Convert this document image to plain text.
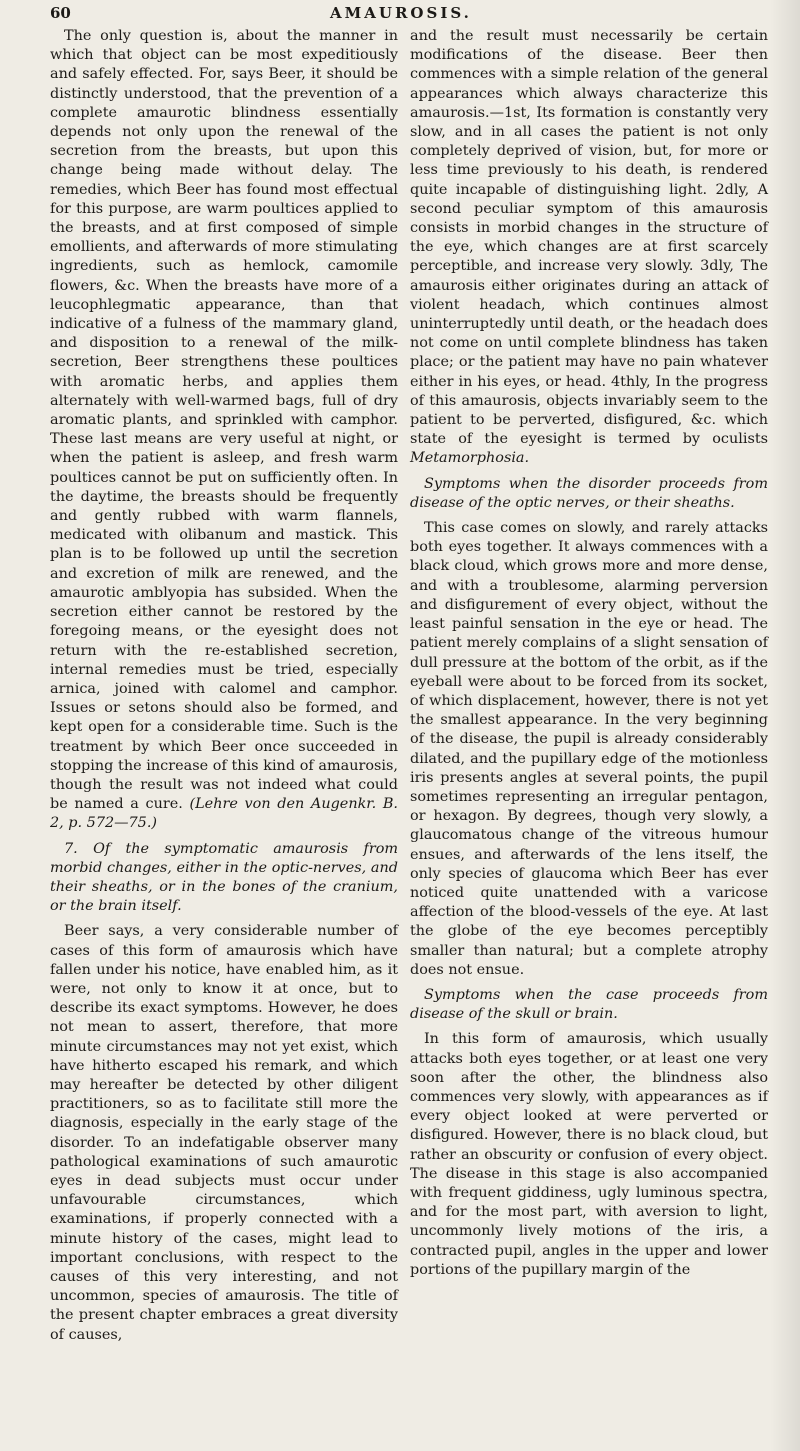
60	AMAUROSIS.

The only question is, about the manner in which that object can be most expeditiously and safely effected. For, says Beer, it should be distinctly understood, that the prevention of a complete amaurotic blindness essentially depends not only upon the renewal of the secretion from the breasts, but upon this change being made without delay. The remedies, which Beer has found most effectual for this purpose, are warm poultices applied to the breasts, and at first composed of simple emollients, and afterwards of more stimulating ingredients, such as hemlock, camomile flowers, &c. When the breasts have more of a leucophlegmatic appearance, than that indicative of a fulness of the mammary gland, and disposition to a renewal of the milk-secretion, Beer strengthens these poultices with aromatic herbs, and applies them alternately with well-warmed bags, full of dry aromatic plants, and sprinkled with camphor. These last means are very useful at night, or when the patient is asleep, and fresh warm poultices cannot be put on sufficiently often. In the daytime, the breasts should be frequently and gently rubbed with warm flannels, medicated with olibanum and mastick. This plan is to be followed up until the secretion and excretion of milk are renewed, and the amaurotic amblyopia has subsided. When the secretion either cannot be restored by the foregoing means, or the eyesight does not return with the re-established secretion, internal remedies must be tried, especially arnica, joined with calomel and camphor. Issues or setons should also be formed, and kept open for a considerable time. Such is the treatment by which Beer once succeeded in stopping the increase of this kind of amaurosis, though the result was not indeed what could be named a cure. (Lehre von den Augenkr. B. 2, p. 572—75.)

7. Of the symptomatic amaurosis from morbid changes, either in the optic-nerves, and their sheaths, or in the bones of the cranium, or the brain itself.

Beer says, a very considerable number of cases of this form of amaurosis which have fallen under his notice, have enabled him, as it were, not only to know it at once, but to describe its exact symptoms. However, he does not mean to assert, therefore, that more minute circumstances may not yet exist, which have hitherto escaped his remark, and which may hereafter be detected by other diligent practitioners, so as to facilitate still more the diagnosis, especially in the early stage of the disorder. To an indefatigable observer many pathological examinations of such amaurotic eyes in dead subjects must occur under unfavourable circumstances, which examinations, if properly connected with a minute history of the cases, might lead to important conclusions, with respect to the causes of this very interesting, and not uncommon, species of amaurosis. The title of the present chapter embraces a great diversity of causes,

and the result must necessarily be certain modifications of the disease. Beer then commences with a simple relation of the general appearances which always characterize this amaurosis.—1st, Its formation is constantly very slow, and in all cases the patient is not only completely deprived of vision, but, for more or less time previously to his death, is rendered quite incapable of distinguishing light. 2dly, A second peculiar symptom of this amaurosis consists in morbid changes in the structure of the eye, which changes are at first scarcely perceptible, and increase very slowly. 3dly, The amaurosis either originates during an attack of violent headach, which continues almost uninterruptedly until death, or the headach does not come on until complete blindness has taken place; or the patient may have no pain whatever either in his eyes, or head. 4thly, In the progress of this amaurosis, objects invariably seem to the patient to be perverted, disfigured, &c. which state of the eyesight is termed by oculists Metamorphosia.

Symptoms when the disorder proceeds from disease of the optic nerves, or their sheaths.

This case comes on slowly, and rarely attacks both eyes together. It always commences with a black cloud, which grows more and more dense, and with a troublesome, alarming perversion and disfigurement of every object, without the least painful sensation in the eye or head. The patient merely complains of a slight sensation of dull pressure at the bottom of the orbit, as if the eyeball were about to be forced from its socket, of which displacement, however, there is not yet the smallest appearance. In the very beginning of the disease, the pupil is already considerably dilated, and the pupillary edge of the motionless iris presents angles at several points, the pupil sometimes representing an irregular pentagon, or hexagon. By degrees, though very slowly, a glaucomatous change of the vitreous humour ensues, and afterwards of the lens itself, the only species of glaucoma which Beer has ever noticed quite unattended with a varicose affection of the blood-vessels of the eye. At last the globe of the eye becomes perceptibly smaller than natural; but a complete atrophy does not ensue.

Symptoms when the case proceeds from disease of the skull or brain.

In this form of amaurosis, which usually attacks both eyes together, or at least one very soon after the other, the blindness also commences very slowly, with appearances as if every object looked at were perverted or disfigured. However, there is no black cloud, but rather an obscurity or confusion of every object. The disease in this stage is also accompanied with frequent giddiness, ugly luminous spectra, and for the most part, with aversion to light, uncommonly lively motions of the iris, a contracted pupil, angles in the upper and lower portions of the pupillary margin of the
